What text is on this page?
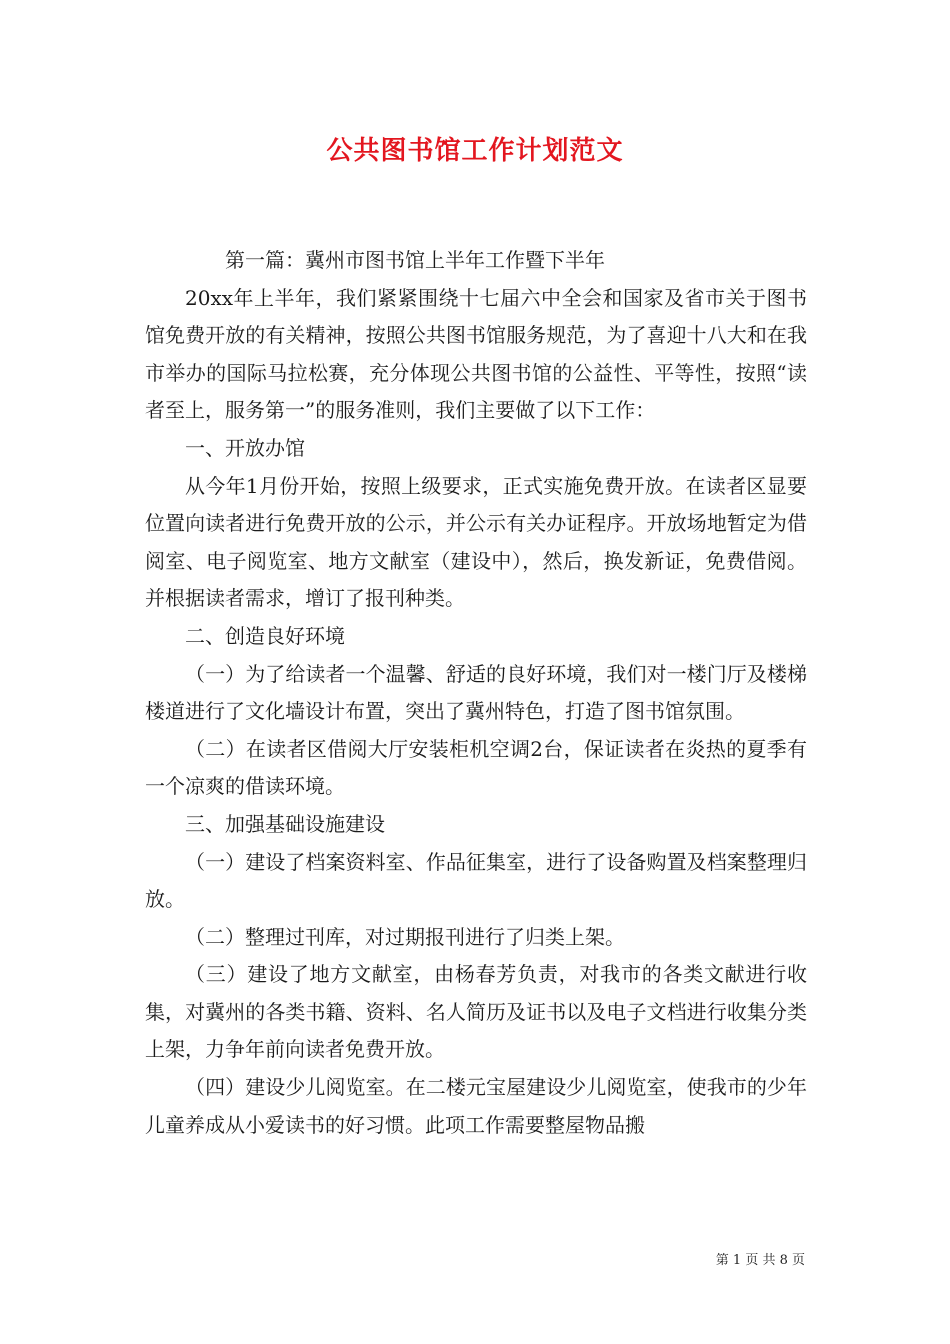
公共图书馆工作计划范文

第一篇：冀州市图书馆上半年工作暨下半年

20xx年上半年，我们紧紧围绕十七届六中全会和国家及省市关于图书馆免费开放的有关精神，按照公共图书馆服务规范，为了喜迎十八大和在我市举办的国际马拉松赛，充分体现公共图书馆的公益性、平等性，按照“读者至上，服务第一”的服务准则，我们主要做了以下工作：

一、开放办馆

从今年1月份开始，按照上级要求，正式实施免费开放。在读者区显要位置向读者进行免费开放的公示，并公示有关办证程序。开放场地暂定为借阅室、电子阅览室、地方文献室（建设中），然后，换发新证，免费借阅。并根据读者需求，增订了报刊种类。

二、创造良好环境

（一）为了给读者一个温馨、舒适的良好环境，我们对一楼门厅及楼梯楼道进行了文化墙设计布置，突出了冀州特色，打造了图书馆氛围。

（二）在读者区借阅大厅安装柜机空调2台，保证读者在炎热的夏季有一个凉爽的借读环境。

三、加强基础设施建设

（一）建设了档案资料室、作品征集室，进行了设备购置及档案整理归放。

（二）整理过刊库，对过期报刊进行了归类上架。

（三）建设了地方文献室，由杨春芳负责，对我市的各类文献进行收集，对冀州的各类书籍、资料、名人简历及证书以及电子文档进行收集分类上架，力争年前向读者免费开放。

（四）建设少儿阅览室。在二楼元宝屋建设少儿阅览室，使我市的少年儿童养成从小爱读书的好习惯。此项工作需要整屋物品搬

第 1 页 共 8 页
